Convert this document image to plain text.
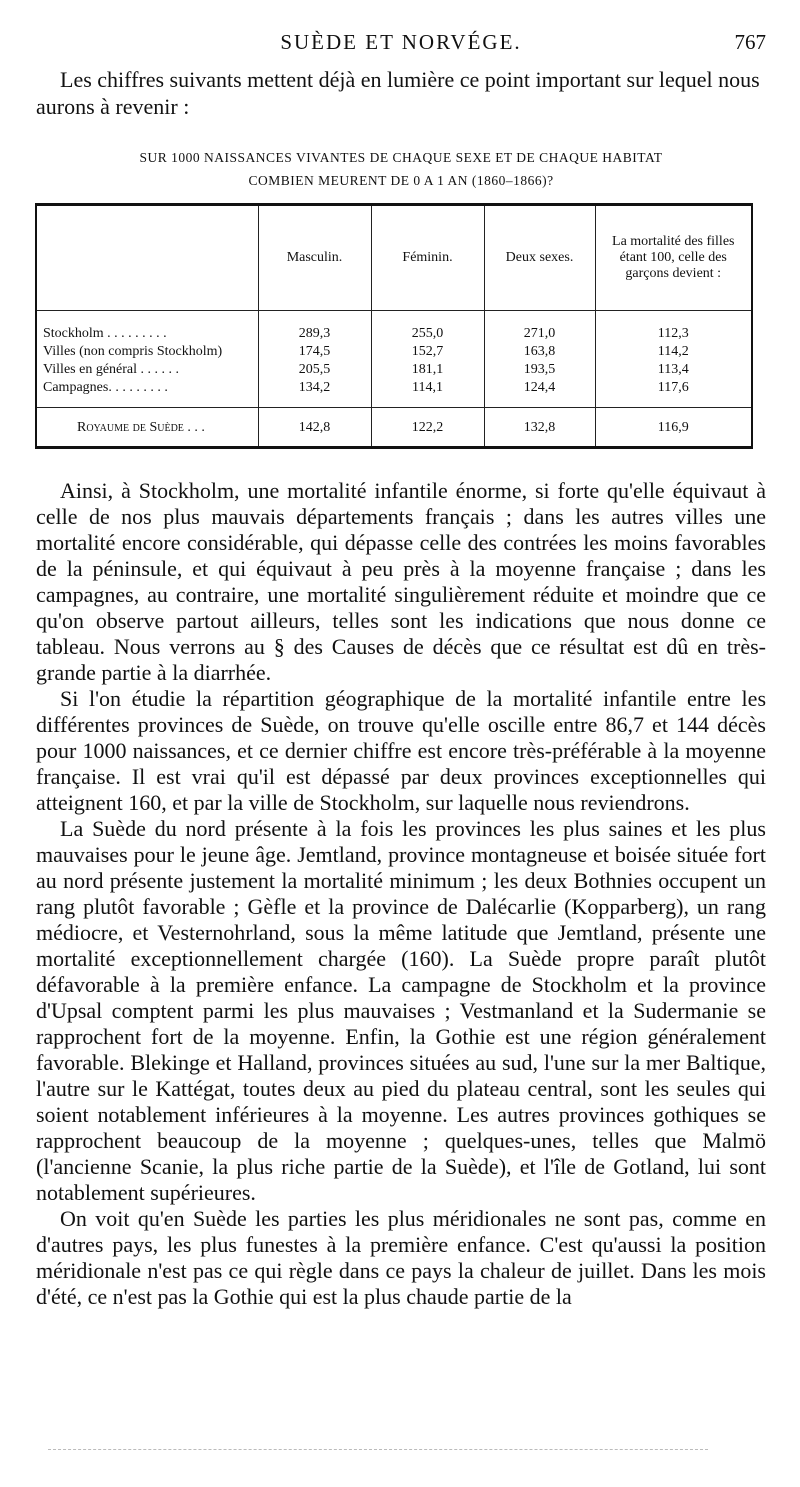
SUÈDE ET NORVÉGE.	767

Les chiffres suivants mettent déjà en lumière ce point important sur lequel nous aurons à revenir :

SUR 1000 NAISSANCES VIVANTES DE CHAQUE SEXE ET DE CHAQUE HABITAT
COMBIEN MEURENT DE 0 A 1 AN (1860–1866)?
	Masculin.	Féminin.	Deux sexes.	La mortalité des filles étant 100, celle des garçons devient :

Stockholm . . . . . . . . .	289,3	255,0	271,0	112,3
Villes (non compris Stockholm)	174,5	152,7	163,8	114,2
Villes en général . . . . . .	205,5	181,1	193,5	113,4
Campagnes. . . . . . . . .	134,2	114,1	124,4	117,6
Royaume de Suède . . .	142,8	122,2	132,8	116,9

Ainsi, à Stockholm, une mortalité infantile énorme, si forte qu'elle équivaut à celle de nos plus mauvais départements français ; dans les autres villes une mortalité encore considérable, qui dépasse celle des contrées les moins favorables de la péninsule, et qui équivaut à peu près à la moyenne française ; dans les campagnes, au contraire, une mortalité singulièrement réduite et moindre que ce qu'on observe partout ailleurs, telles sont les indications que nous donne ce tableau. Nous verrons au § des Causes de décès que ce résultat est dû en très-grande partie à la diarrhée.

Si l'on étudie la répartition géographique de la mortalité infantile entre les différentes provinces de Suède, on trouve qu'elle oscille entre 86,7 et 144 décès pour 1000 naissances, et ce dernier chiffre est encore très-préférable à la moyenne française. Il est vrai qu'il est dépassé par deux provinces exceptionnelles qui atteignent 160, et par la ville de Stockholm, sur laquelle nous reviendrons.

La Suède du nord présente à la fois les provinces les plus saines et les plus mauvaises pour le jeune âge. Jemtland, province montagneuse et boisée située fort au nord présente justement la mortalité minimum ; les deux Bothnies occupent un rang plutôt favorable ; Gèfle et la province de Dalécarlie (Kopparberg), un rang médiocre, et Vesternohrland, sous la même latitude que Jemtland, présente une mortalité exceptionnellement chargée (160). La Suède propre paraît plutôt défavorable à la première enfance. La campagne de Stockholm et la province d'Upsal comptent parmi les plus mauvaises ; Vestmanland et la Sudermanie se rapprochent fort de la moyenne. Enfin, la Gothie est une région généralement favorable. Blekinge et Halland, provinces situées au sud, l'une sur la mer Baltique, l'autre sur le Kattégat, toutes deux au pied du plateau central, sont les seules qui soient notablement inférieures à la moyenne. Les autres provinces gothiques se rapprochent beaucoup de la moyenne ; quelques-unes, telles que Malmö (l'ancienne Scanie, la plus riche partie de la Suède), et l'île de Gotland, lui sont notablement supérieures.

On voit qu'en Suède les parties les plus méridionales ne sont pas, comme en d'autres pays, les plus funestes à la première enfance. C'est qu'aussi la position méridionale n'est pas ce qui règle dans ce pays la chaleur de juillet. Dans les mois d'été, ce n'est pas la Gothie qui est la plus chaude partie de la
